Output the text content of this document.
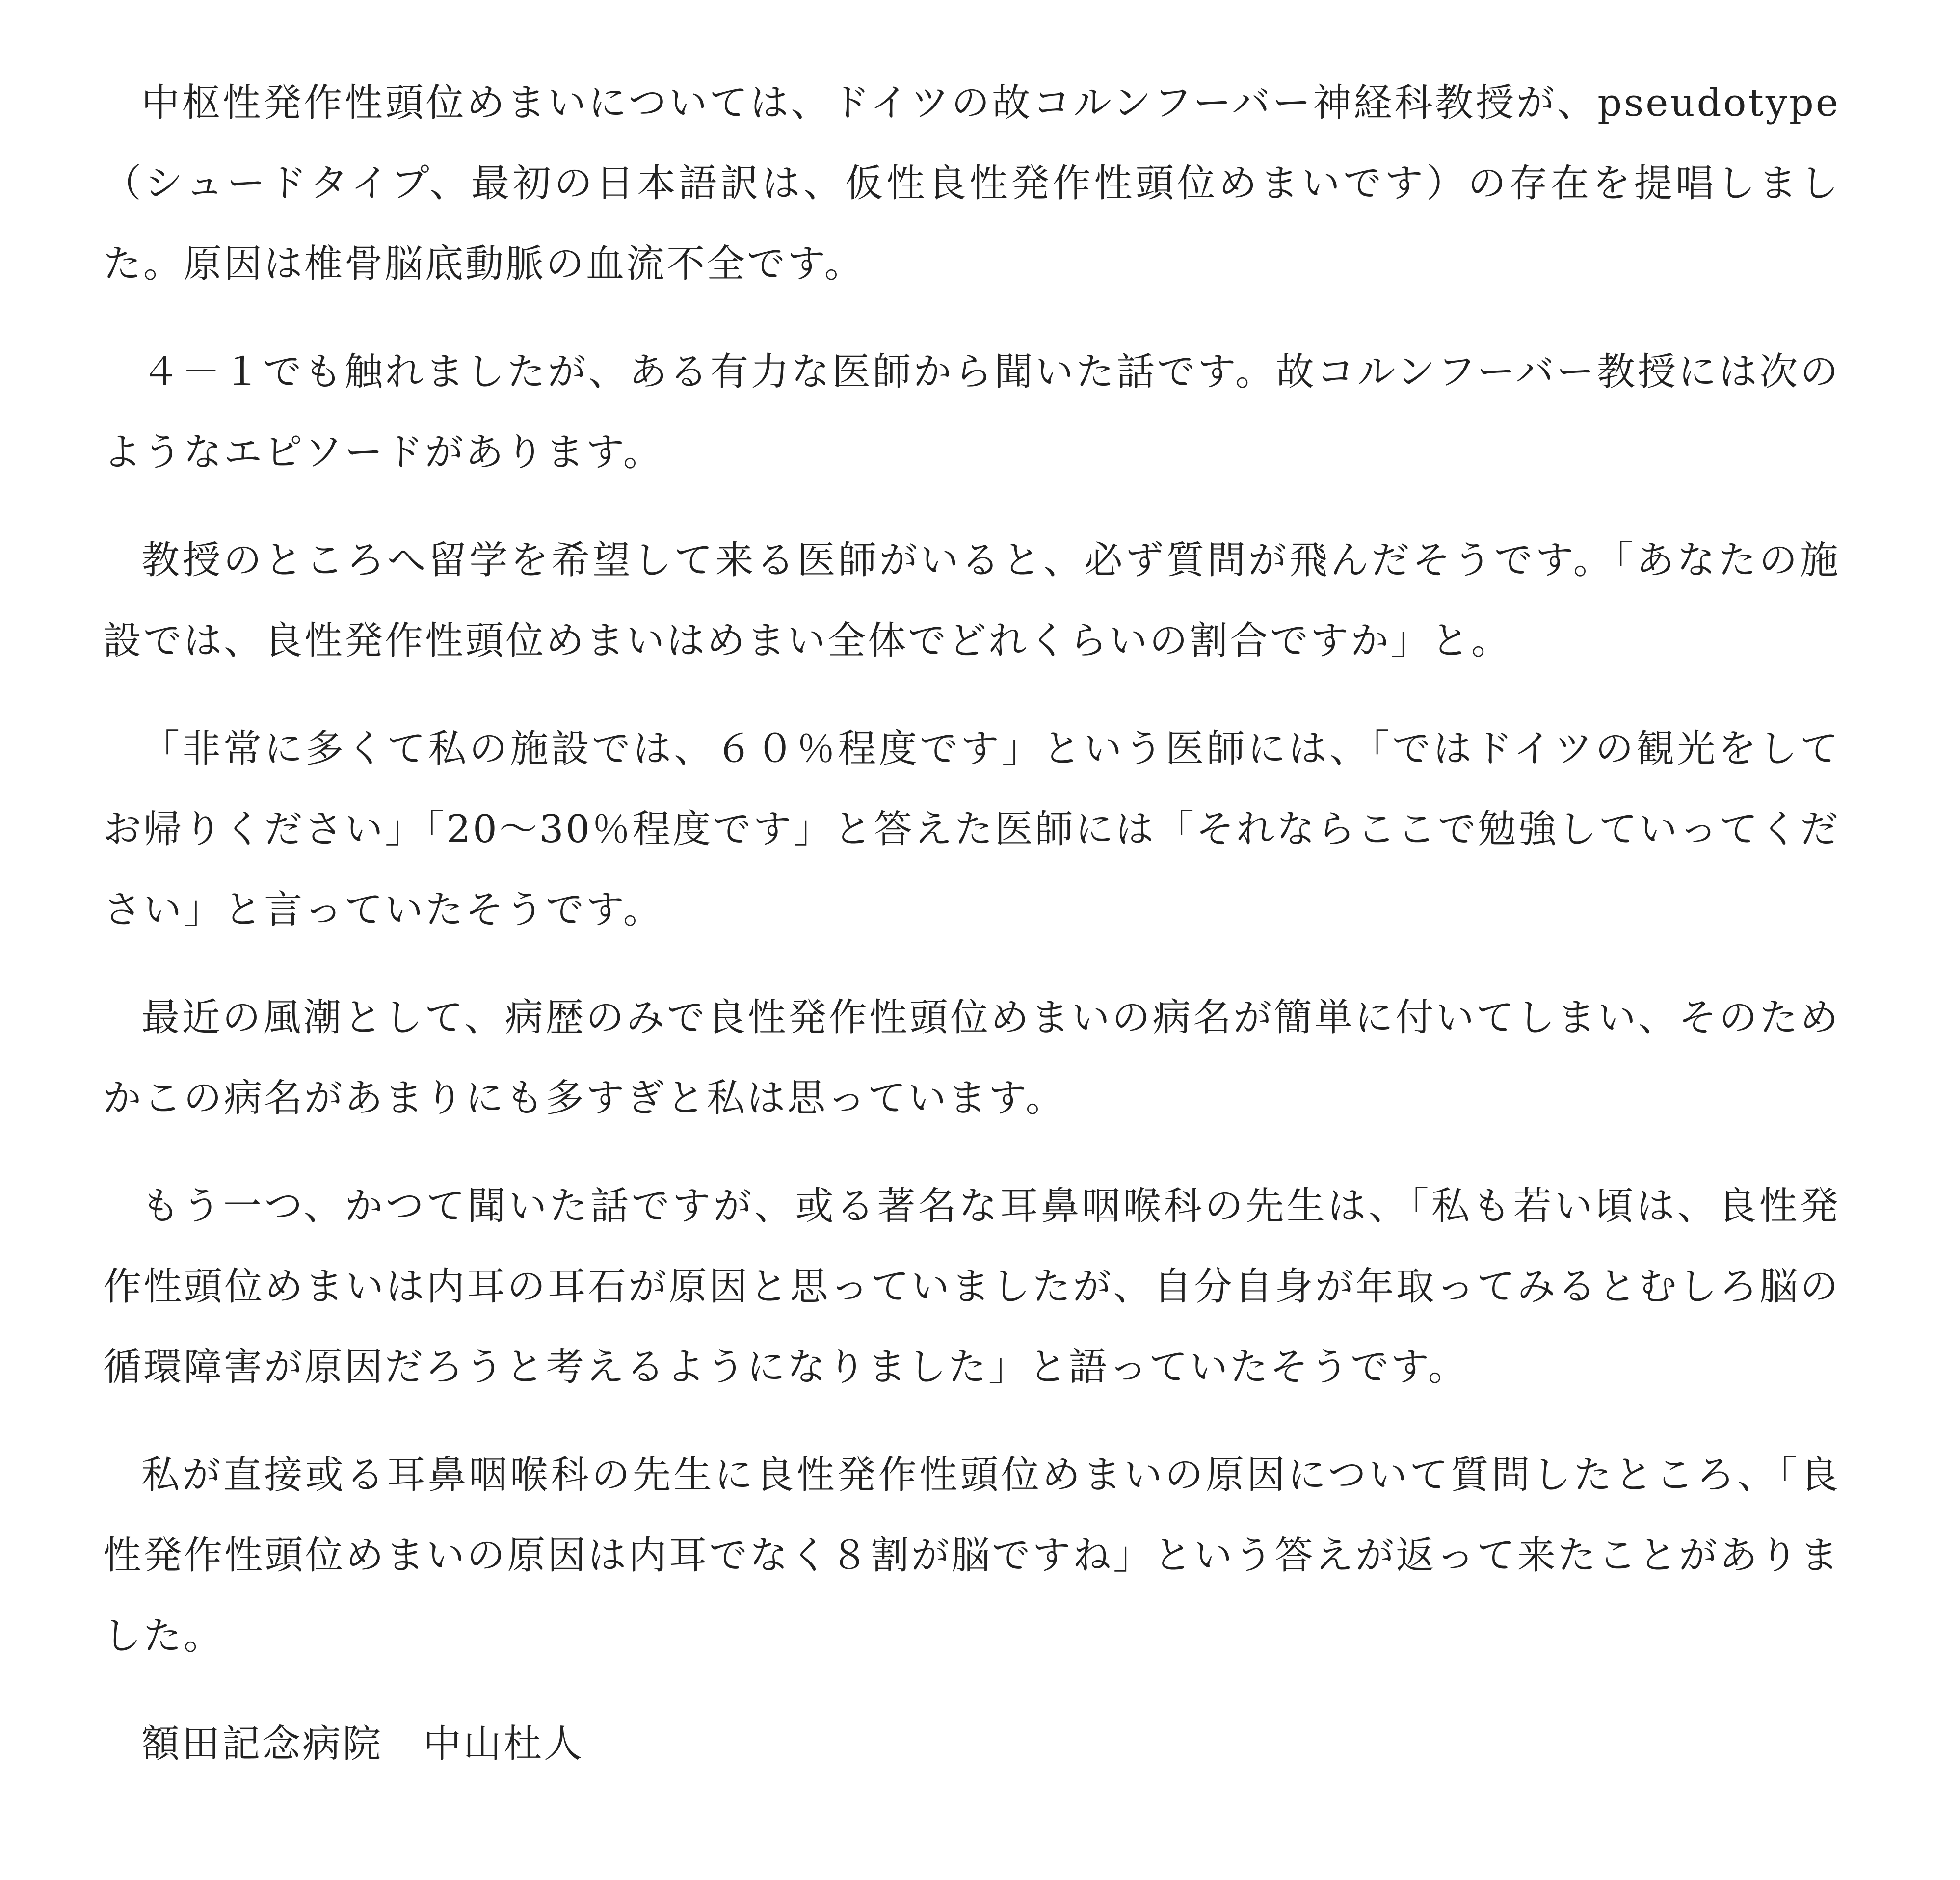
中枢性発作性頭位めまいについては、ドイツの故コルンフーバー神経科教授が、pseudotype（シュードタイプ、最初の日本語訳は、仮性良性発作性頭位めまいです）の存在を提唱しました。原因は椎骨脳底動脈の血流不全です。

４－１でも触れましたが、ある有力な医師から聞いた話です。故コルンフーバー教授には次のようなエピソードがあります。

教授のところへ留学を希望して来る医師がいると、必ず質問が飛んだそうです。「あなたの施設では、良性発作性頭位めまいはめまい全体でどれくらいの割合ですか」と。

「非常に多くて私の施設では、６０％程度です」という医師には、「ではドイツの観光をしてお帰りください」「20～30％程度です」と答えた医師には「それならここで勉強していってください」と言っていたそうです。

最近の風潮として、病歴のみで良性発作性頭位めまいの病名が簡単に付いてしまい、そのためかこの病名があまりにも多すぎと私は思っています。

もう一つ、かつて聞いた話ですが、或る著名な耳鼻咽喉科の先生は、「私も若い頃は、良性発作性頭位めまいは内耳の耳石が原因と思っていましたが、自分自身が年取ってみるとむしろ脳の循環障害が原因だろうと考えるようになりました」と語っていたそうです。

私が直接或る耳鼻咽喉科の先生に良性発作性頭位めまいの原因について質問したところ、「良性発作性頭位めまいの原因は内耳でなく８割が脳ですね」という答えが返って来たことがありました。

額田記念病院　中山杜人
